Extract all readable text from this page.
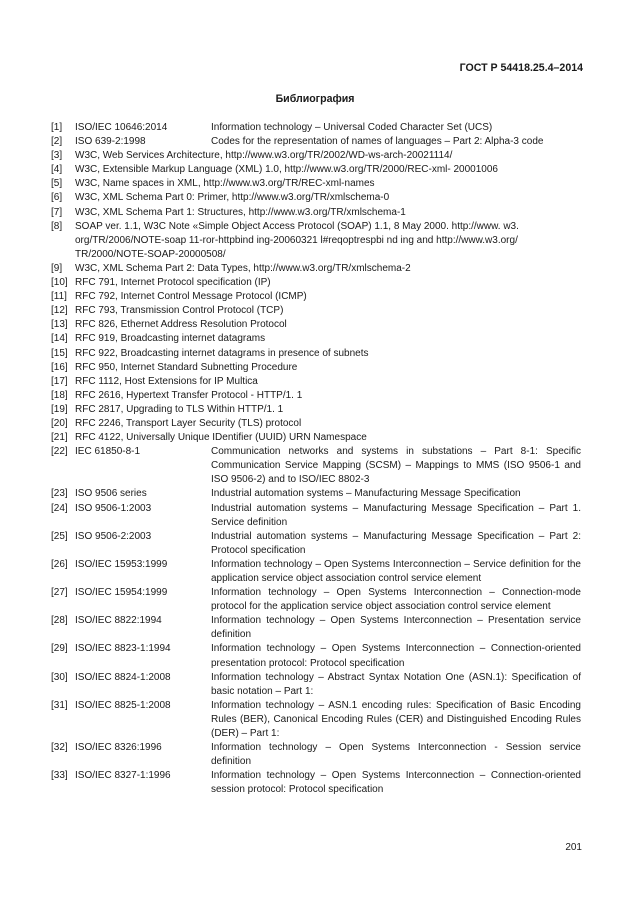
ГОСТ Р 54418.25.4–2014
Библиография
[1]	ISO/IEC 10646:2014	Information technology – Universal Coded Character Set (UCS)
[2]	ISO 639-2:1998	Codes for the representation of names of languages – Part 2: Alpha-3 code
[3]	W3C, Web Services Architecture, http://www.w3.org/TR/2002/WD-ws-arch-20021114/
[4]	W3C, Extensible Markup Language (XML) 1.0, http://www.w3.org/TR/2000/REC-xml- 20001006
[5]	W3C, Name spaces in XML, http://www.w3.org/TR/REC-xml-names
[6]	W3C, XML Schema Part 0: Primer, http://www.w3.org/TR/xmlschema-0
[7]	W3C, XML Schema Part 1: Structures, http://www.w3.org/TR/xmlschema-1
[8]	SOAP ver. 1.1, W3C Note «Simple Object Access Protocol (SOAP) 1.1, 8 May 2000. http://www. w3. org/TR/2006/NOTE-soap 11-ror-httpbind ing-20060321 l#reqoptrespbi nd ing and http://www.w3.org/ TR/2000/NOTE-SOAP-20000508/
[9]	W3C, XML Schema Part 2: Data Types, http://www.w3.org/TR/xmlschema-2
[10] RFC 791, Internet Protocol specification (IP)
[11] RFC 792, Internet Control Message Protocol (ICMP)
[12] RFC 793, Transmission Control Protocol (TCP)
[13] RFC 826, Ethernet Address Resolution Protocol
[14] RFC 919, Broadcasting internet datagrams
[15] RFC 922, Broadcasting internet datagrams in presence of subnets
[16] RFC 950, Internet Standard Subnetting Procedure
[17] RFC 1112, Host Extensions for IP Multica
[18] RFC 2616, Hypertext Transfer Protocol - HTTP/1. 1
[19] RFC 2817, Upgrading to TLS Within HTTP/1. 1
[20] RFC 2246, Transport Layer Security (TLS) protocol
[21] RFC 4122, Universally Unique IDentifier (UUID) URN Namespace
[22] IEC 61850-8-1	Communication networks and systems in substations – Part 8-1: Specific Communication Service Mapping (SCSM) – Mappings to MMS (ISO 9506-1 and ISO 9506-2) and to ISO/IEC 8802-3
[23] ISO 9506 series	Industrial automation systems – Manufacturing Message Specification
[24] ISO 9506-1:2003	Industrial automation systems – Manufacturing Message Specification – Part 1. Service definition
[25] ISO 9506-2:2003	Industrial automation systems – Manufacturing Message Specification – Part 2: Protocol specification
[26] ISO/IEC 15953:1999	Information technology – Open Systems Interconnection – Service definition for the application service object association control service element
[27] ISO/IEC 15954:1999	Information technology – Open Systems Interconnection – Connection-mode protocol for the application service object association control service element
[28] ISO/IEC 8822:1994	Information technology – Open Systems Interconnection – Presentation service definition
[29] ISO/IEC 8823-1:1994	Information technology – Open Systems Interconnection – Connection-oriented presentation protocol: Protocol specification
[30] ISO/IEC 8824-1:2008	Information technology – Abstract Syntax Notation One (ASN.1): Specification of basic notation – Part 1:
[31] ISO/IEC 8825-1:2008	Information technology – ASN.1 encoding rules: Specification of Basic Encoding Rules (BER), Canonical Encoding Rules (CER) and Distinguished Encoding Rules (DER) – Part 1:
[32] ISO/IEC 8326:1996	Information technology – Open Systems Interconnection - Session service definition
[33] ISO/IEC 8327-1:1996	Information technology – Open Systems Interconnection – Connection-oriented session protocol: Protocol specification
201
